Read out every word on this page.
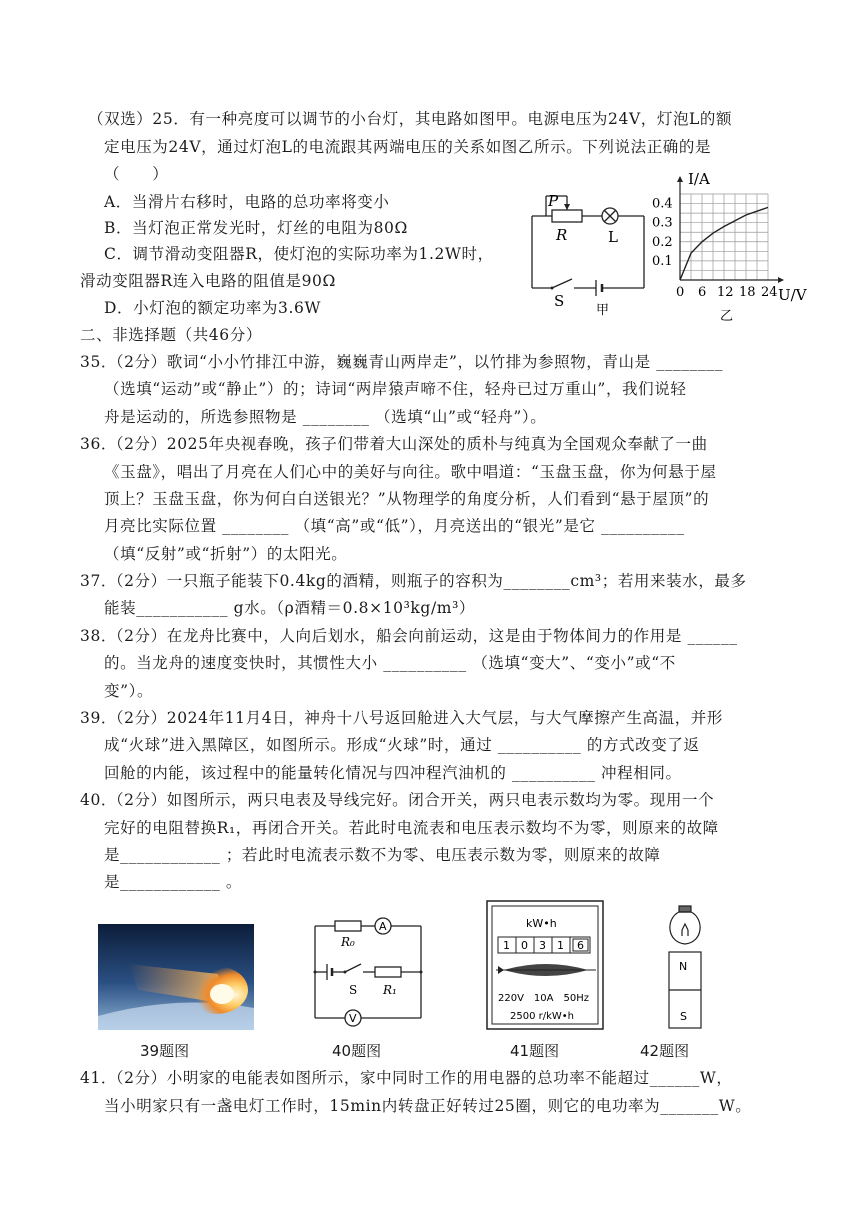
（双选）25．有一种亮度可以调节的小台灯，其电路如图甲。电源电压为24V，灯泡L的额
定电压为24V，通过灯泡L的电流跟其两端电压的关系如图乙所示。下列说法正确的是
（　　）
A．当滑片右移时，电路的总功率将变小
B．当灯泡正常发光时，灯丝的电阻为80Ω
C．调节滑动变阻器R，使灯泡的实际功率为1.2W时，
滑动变阻器R连入电路的阻值是90Ω
D．小灯泡的额定功率为3.6W
P
R	L
S
甲
0 6 12 18 24
0.1
0.2
0.3
0.4
I/A
U/V
乙
二、非选择题（共46分）
35．
（2分）歌词“小小竹排江中游，巍巍青山两岸走”，以竹排为参照物，青山是 ________
（选填“运动”或“静止”）的；诗词“两岸猿声啼不住，轻舟已过万重山”，我们说轻
舟是运动的，所选参照物是 ________ （选填“山”或“轻舟”）。
36．
（2分）2025年央视春晚，孩子们带着大山深处的质朴与纯真为全国观众奉献了一曲
《玉盘》，唱出了月亮在人们心中的美好与向往。歌中唱道：“玉盘玉盘，你为何悬于屋
顶上？玉盘玉盘，你为何白白送银光？”从物理学的角度分析，人们看到“悬于屋顶”的
月亮比实际位置 ________ （填“高”或“低”），月亮送出的“银光”是它 __________
（填“反射”或“折射”）的太阳光。
37．
（2分）一只瓶子能装下0.4kg的酒精，则瓶子的容积为________cm³；若用来装水，最多
能装___________ g水。（ρ酒精＝0.8×10³kg/m³）
38．
（2分）在龙舟比赛中，人向后划水，船会向前运动，这是由于物体间力的作用是 ______
的。当龙舟的速度变快时，其惯性大小 __________ （选填“变大”、“变小”或“不
变”）。
39．
（2分）2024年11月4日，神舟十八号返回舱进入大气层，与大气摩擦产生高温，并形
成“火球”进入黑障区，如图所示。形成“火球”时，通过 __________ 的方式改变了返
回舱的内能，该过程中的能量转化情况与四冲程汽油机的 __________ 冲程相同。
40．
（2分）如图所示，两只电表及导线完好。闭合开关，两只电表示数均为零。现用一个
完好的电阻替换R₁，再闭合开关。若此时电流表和电压表示数均不为零，则原来的故障
是____________ ；若此时电流表示数不为零、电压表示数为零，则原来的故障
是____________ 。
39题图
R₀
A
S R₁
V
40题图
kW•h
1 0 3 1 6
220V　10A　50Hz
2500 r/kW•h
41题图
N
S
42题图
41．
（2分）小明家的电能表如图所示，家中同时工作的用电器的总功率不能超过______W，
当小明家只有一盏电灯工作时，15min内转盘正好转过25圈，则它的电功率为_______W。
